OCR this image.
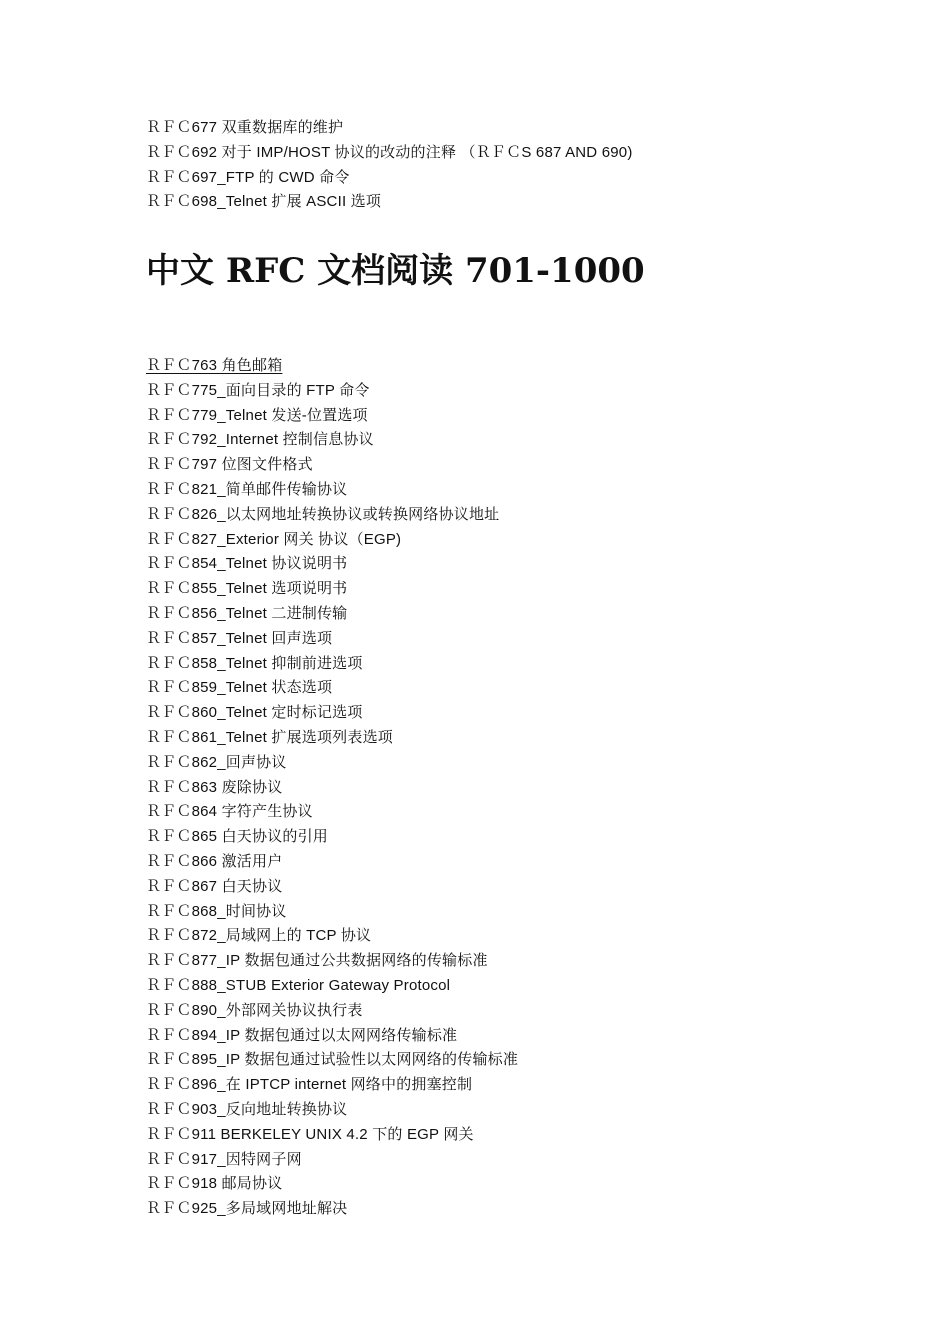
ＲＦＣ677 双重数据库的维护
ＲＦＣ692 对于 IMP/HOST 协议的改动的注释 （ＲＦＣS 687 AND 690)
ＲＦＣ697_FTP 的 CWD 命令
ＲＦＣ698_Telnet 扩展 ASCII 选项
中文 RFC 文档阅读 701-1000
ＲＦＣ763 角色邮箱
ＲＦＣ775_面向目录的 FTP 命令
ＲＦＣ779_Telnet 发送-位置选项
ＲＦＣ792_Internet 控制信息协议
ＲＦＣ797 位图文件格式
ＲＦＣ821_简单邮件传输协议
ＲＦＣ826_以太网地址转换协议或转换网络协议地址
ＲＦＣ827_Exterior 网关 协议（EGP)
ＲＦＣ854_Telnet 协议说明书
ＲＦＣ855_Telnet 选项说明书
ＲＦＣ856_Telnet 二进制传输
ＲＦＣ857_Telnet 回声选项
ＲＦＣ858_Telnet 抑制前进选项
ＲＦＣ859_Telnet 状态选项
ＲＦＣ860_Telnet 定时标记选项
ＲＦＣ861_Telnet 扩展选项列表选项
ＲＦＣ862_回声协议
ＲＦＣ863 废除协议
ＲＦＣ864 字符产生协议
ＲＦＣ865 白天协议的引用
ＲＦＣ866 激活用户
ＲＦＣ867 白天协议
ＲＦＣ868_时间协议
ＲＦＣ872_局域网上的 TCP 协议
ＲＦＣ877_IP 数据包通过公共数据网络的传输标准
ＲＦＣ888_STUB Exterior Gateway Protocol
ＲＦＣ890_外部网关协议执行表
ＲＦＣ894_IP 数据包通过以太网网络传输标准
ＲＦＣ895_IP 数据包通过试验性以太网网络的传输标准
ＲＦＣ896_在 IPTCP internet 网络中的拥塞控制
ＲＦＣ903_反向地址转换协议
ＲＦＣ911 BERKELEY UNIX 4.2 下的 EGP 网关
ＲＦＣ917_因特网子网
ＲＦＣ918 邮局协议
ＲＦＣ925_多局域网地址解决
